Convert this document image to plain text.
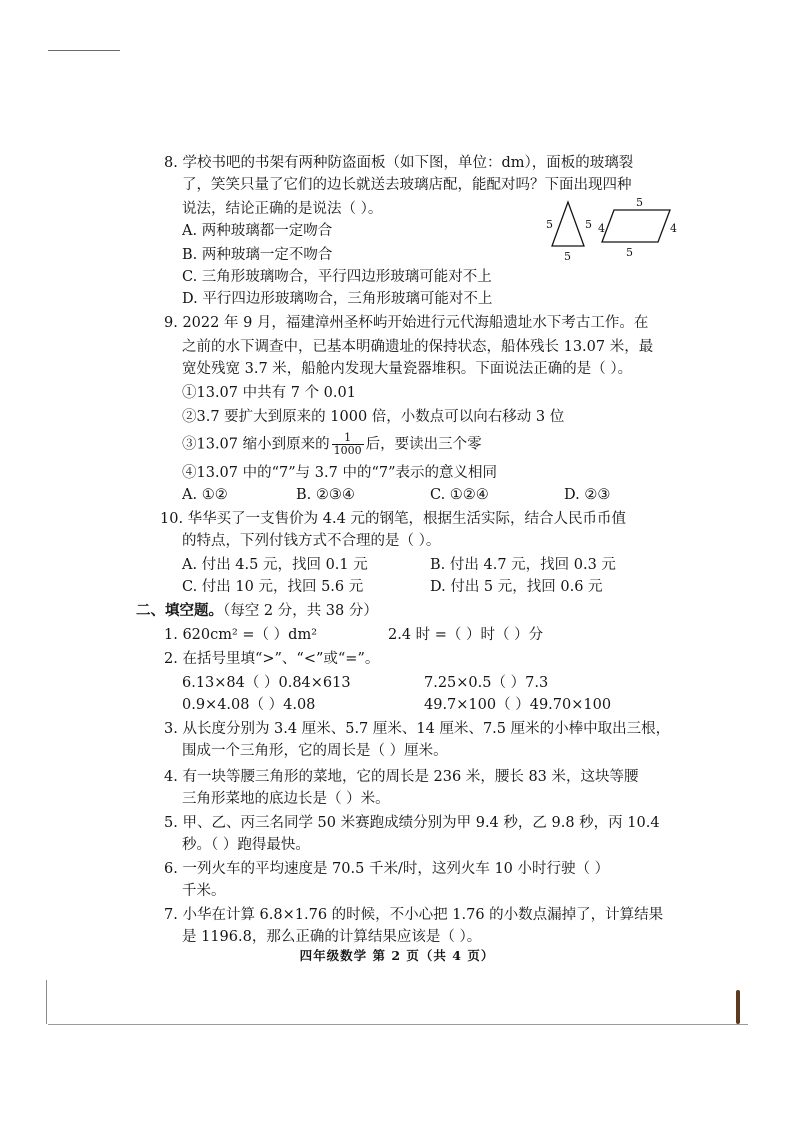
8. 学校书吧的书架有两种防盗面板（如下图，单位：dm），面板的玻璃裂
了，笑笑只量了它们的边长就送去玻璃店配，能配对吗？下面出现四种
说法，结论正确的是说法（ ）。
A. 两种玻璃都一定吻合
B. 两种玻璃一定不吻合
C. 三角形玻璃吻合，平行四边形玻璃可能对不上
D. 平行四边形玻璃吻合，三角形玻璃可能对不上
5	5
5
5
4	4
5
9. 2022 年 9 月，福建漳州圣杯屿开始进行元代海船遗址水下考古工作。在
之前的水下调查中，已基本明确遗址的保持状态，船体残长 13.07 米，最
宽处残宽 3.7 米，船舱内发现大量瓷器堆积。下面说法正确的是（ ）。
①13.07 中共有 7 个 0.01
②3.7 要扩大到原来的 1000 倍，小数点可以向右移动 3 位
③13.07 缩小到原来的 $\frac{1}{1000}$ 后，要读出三个零
④13.07 中的“7”与 3.7 中的“7”表示的意义相同
A. ①②	B. ②③④	C. ①②④	D. ②③
10. 华华买了一支售价为 4.4 元的钢笔，根据生活实际，结合人民币币值
的特点，下列付钱方式不合理的是（ ）。
A. 付出 4.5 元，找回 0.1 元	B. 付出 4.7 元，找回 0.3 元
C. 付出 10 元，找回 5.6 元	D. 付出 5 元，找回 0.6 元
二、填空题。（每空 2 分，共 38 分）
1. 620cm² =（ ）dm²	2.4 时 =（ ）时（ ）分
2. 在括号里填“>”、“<”或“=”。
6.13×84（ ）0.84×613	7.25×0.5（ ）7.3
0.9×4.08（ ）4.08	49.7×100（ ）49.70×100
3. 从长度分别为 3.4 厘米、5.7 厘米、14 厘米、7.5 厘米的小棒中取出三根，
围成一个三角形，它的周长是（ ）厘米。
4. 有一块等腰三角形的菜地，它的周长是 236 米，腰长 83 米，这块等腰
三角形菜地的底边长是（ ）米。
5. 甲、乙、丙三名同学 50 米赛跑成绩分别为甲 9.4 秒，乙 9.8 秒，丙 10.4
秒。（ ）跑得最快。
6. 一列火车的平均速度是 70.5 千米/时，这列火车 10 小时行驶（ ）
千米。
7. 小华在计算 6.8×1.76 的时候，不小心把 1.76 的小数点漏掉了，计算结果
是 1196.8，那么正确的计算结果应该是（ ）。
四年级数学 第 2 页（共 4 页）
